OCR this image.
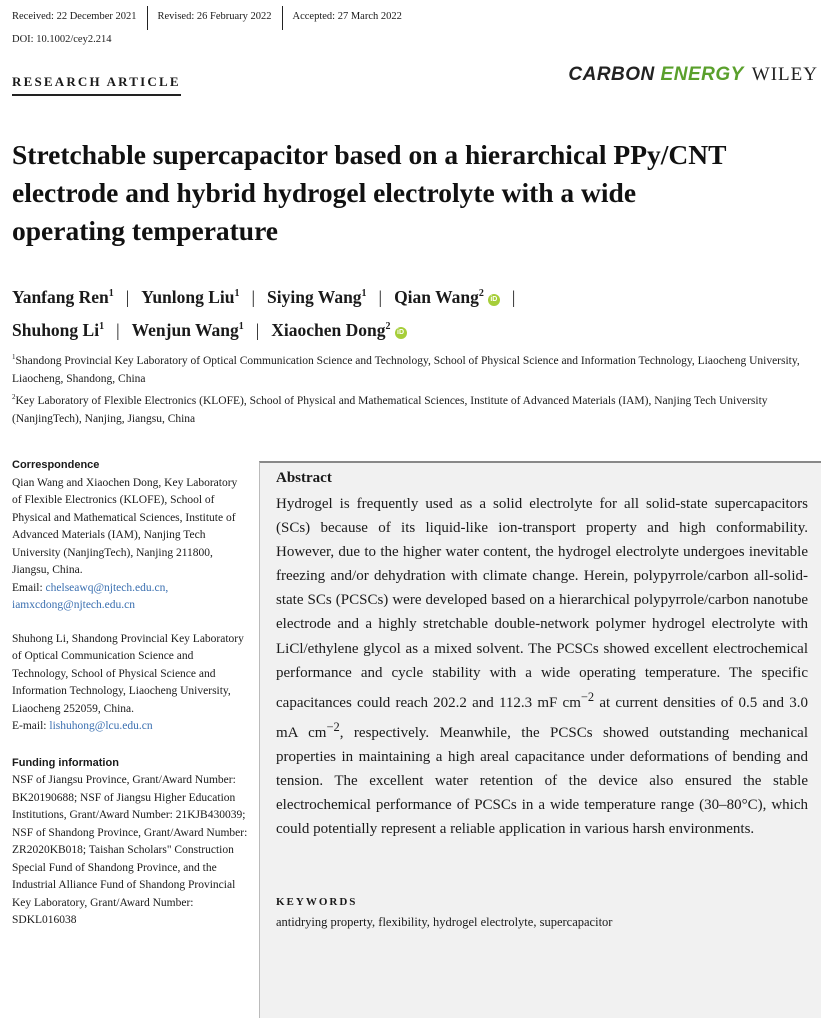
Received: 22 December 2021	Revised: 26 February 2022	Accepted: 27 March 2022
DOI: 10.1002/cey2.214
RESEARCH ARTICLE	CARBON ENERGY WILEY
Stretchable supercapacitor based on a hierarchical PPy/CNT electrode and hybrid hydrogel electrolyte with a wide operating temperature
Yanfang Ren$^1$ | Yunlong Liu$^1$ | Siying Wang$^1$ | Qian Wang$^2$iD |
Shuhong Li$^1$ | Wenjun Wang$^1$ | Xiaochen Dong$^2$iD
$^1$Shandong Provincial Key Laboratory of Optical Communication Science and Technology, School of Physical Science and Information Technology, Liaocheng University, Liaocheng, Shandong, China
$^2$Key Laboratory of Flexible Electronics (KLOFE), School of Physical and Mathematical Sciences, Institute of Advanced Materials (IAM), Nanjing Tech University (NanjingTech), Nanjing, Jiangsu, China
Correspondence
Qian Wang and Xiaochen Dong, Key Laboratory of Flexible Electronics (KLOFE), School of Physical and Mathematical Sciences, Institute of Advanced Materials (IAM), Nanjing Tech University (NanjingTech), Nanjing 211800, Jiangsu, China.
Email: chelseawq@njtech.edu.cn,
iamxcdong@njtech.edu.cn
Shuhong Li, Shandong Provincial Key Laboratory of Optical Communication Science and Technology, School of Physical Science and Information Technology, Liaocheng University, Liaocheng 252059, China.
E-mail: lishuhong@lcu.edu.cn
Funding information
NSF of Jiangsu Province, Grant/Award Number: BK20190688; NSF of Jiangsu Higher Education Institutions, Grant/Award Number: 21KJB430039; NSF of Shandong Province, Grant/Award Number: ZR2020KB018; Taishan Scholars" Construction Special Fund of Shandong Province, and the Industrial Alliance Fund of Shandong Provincial Key Laboratory, Grant/Award Number: SDKL016038
Abstract
Hydrogel is frequently used as a solid electrolyte for all solid-state supercapacitors (SCs) because of its liquid-like ion-transport property and high conformability. However, due to the higher water content, the hydrogel electrolyte undergoes inevitable freezing and/or dehydration with climate change. Herein, polypyrrole/carbon all-solid-state SCs (PCSCs) were developed based on a hierarchical polypyrrole/carbon nanotube electrode and a highly stretchable double-network polymer hydrogel electrolyte with LiCl/ethylene glycol as a mixed solvent. The PCSCs showed excellent electrochemical performance and cycle stability with a wide operating temperature. The specific capacitances could reach 202.2 and 112.3 mF $cm^{-2}$ at current densities of 0.5 and 3.0 mA $cm^{-2}$, respectively. Meanwhile, the PCSCs showed outstanding mechanical properties in maintaining a high areal capacitance under deformations of bending and tension. The excellent water retention of the device also ensured the stable electrochemical performance of PCSCs in a wide temperature range (30–80°C), which could potentially represent a reliable application in various harsh environments.
KEYWORDS
antidrying property, flexibility, hydrogel electrolyte, supercapacitor
